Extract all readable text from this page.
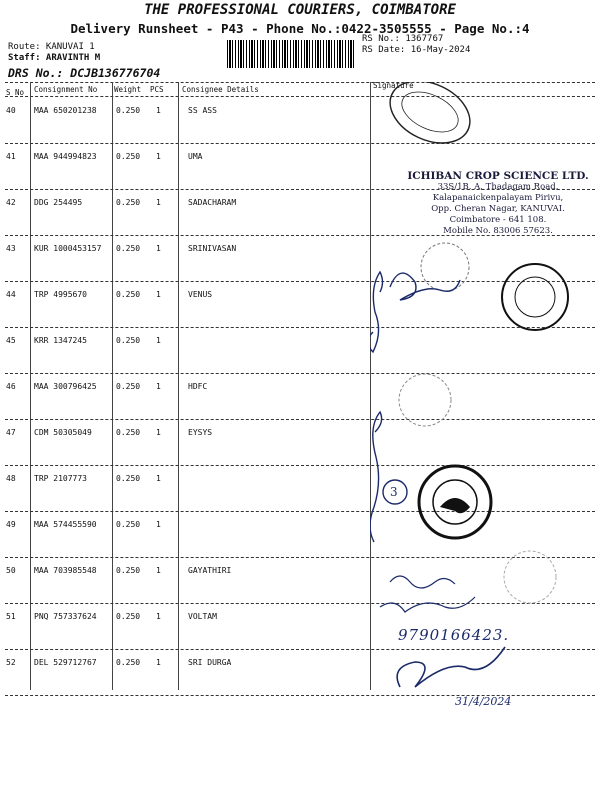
THE PROFESSIONAL COURIERS, COIMBATORE
Delivery Runsheet - P43 - Phone No.:0422-3505555 - Page No.:4
Route: KANUVAI 1
Staff: ARAVINTH M
DRS No.: DCJB136776704
RS No.: 1367767
RS Date: 16-May-2024
S No Consignment No Weight PCS Consignee Details	Signature
40 MAA 650201238 0.250 1	SS ASS
41 MAA 944994823 0.250 1	UMA
42 DDG 254495	0.250 1	SADACHARAM
43 KUR 1000453157 0.250 1	SRINIVASAN
44 TRP 4995670	0.250 1	VENUS
45 KRR 1347245	0.250 1
46 MAA 300796425 0.250 1	HDFC
47 CDM 50305049	0.250 1	EYSYS
48 TRP 2107773	0.250 1
49 MAA 574455590 0.250 1
50 MAA 703985548 0.250 1	GAYATHIRI
51 PNQ 757337624 0.250 1	VOLTAM
52 DEL 529712767 0.250 1	SRI DURGA
3
ICHIBAN CROP SCIENCE LTD.
33S/1B, A, Thadagam Road,
Kalapanaickenpalayam Pirivu,
Opp. Cheran Nagar, KANUVAI.
Coimbatore - 641 108.
Mobile No. 83006 57623.
9790166423.
31/4/2024
